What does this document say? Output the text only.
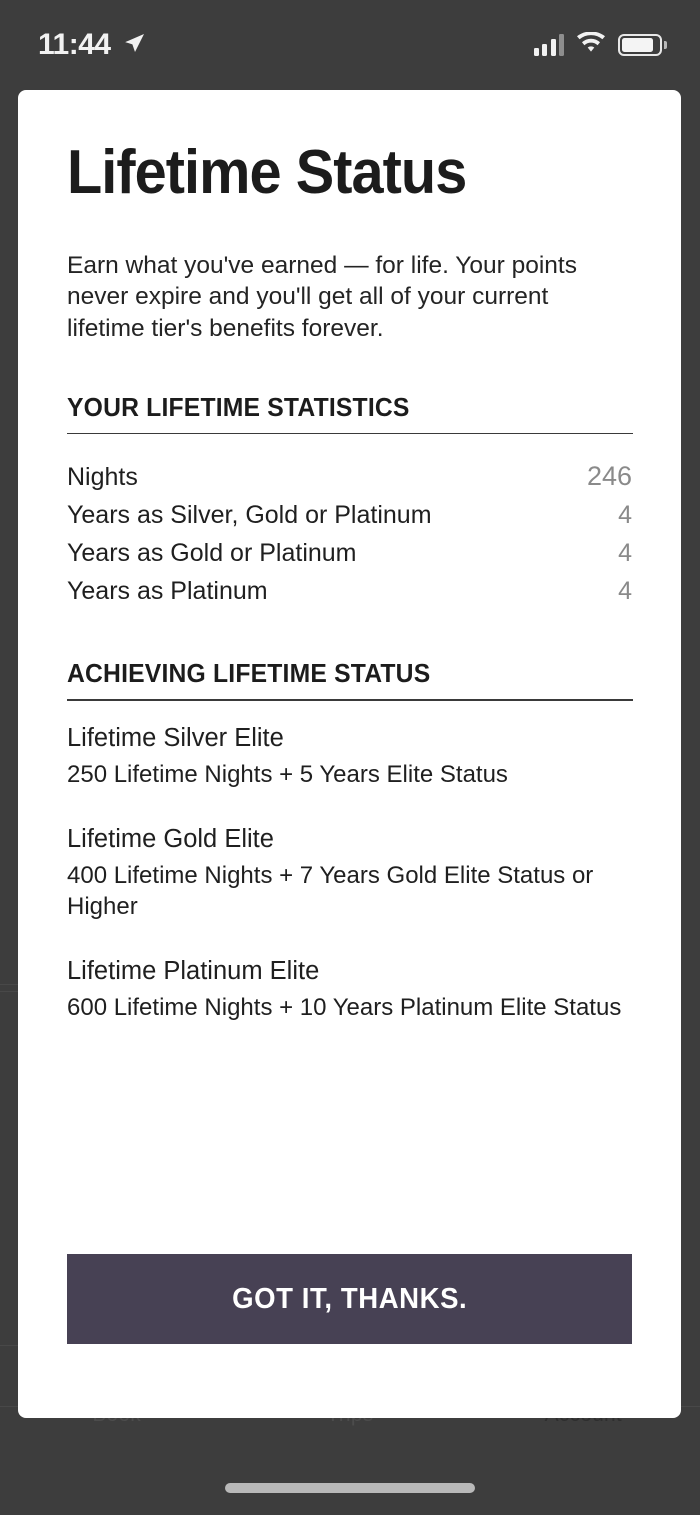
11:44
Lifetime Status

Earn what you've earned — for life. Your points never expire and you'll get all of your current lifetime tier's benefits forever.

YOUR LIFETIME STATISTICS
Nights	246
Years as Silver, Gold or Platinum	4
Years as Gold or Platinum	4
Years as Platinum	4
ACHIEVING LIFETIME STATUS
Lifetime Silver Elite
250 Lifetime Nights + 5 Years Elite Status
Lifetime Gold Elite
400 Lifetime Nights + 7 Years Gold Elite Status or Higher
Lifetime Platinum Elite
600 Lifetime Nights + 10 Years Platinum Elite Status
GOT IT, THANKS.
